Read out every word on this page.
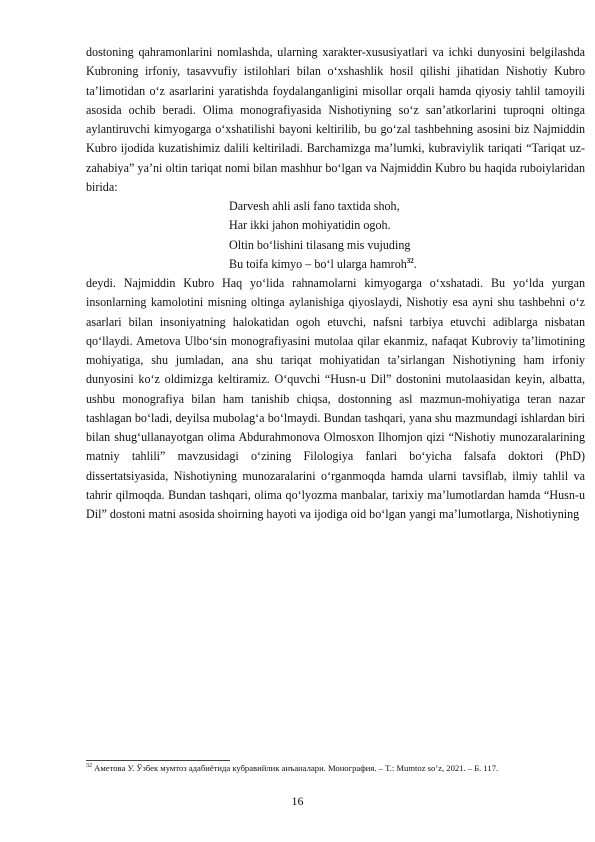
dostoning qahramonlarini nomlashda, ularning xarakter-xususiyatlari va ichki dunyosini belgilashda Kubroning irfoniy, tasavvufiy istilohlari bilan oʻxshashlik hosil qilishi jihatidan Nishotiy Kubro taʼlimotidan oʻz asarlarini yaratishda foydalanganligini misollar orqali hamda qiyosiy tahlil tamoyili asosida ochib beradi. Olima monografiyasida Nishotiyning soʻz sanʼatkorlarini tuproqni oltinga aylantiruvchi kimyogarga oʻxshatilishi bayoni keltirilib, bu goʻzal tashbehning asosini biz Najmiddin Kubro ijodida kuzatishimiz dalili keltiriladi. Barchamizga maʼlumki, kubraviylik tariqati “Tariqat uz-zahabiya” yaʼni oltin tariqat nomi bilan mashhur boʻlgan va Najmiddin Kubro bu haqida ruboiylaridan birida:

Darvesh ahli asli fano taxtida shoh,

Har ikki jahon mohiyatidin ogoh.

Oltin boʻlishini tilasang mis vujuding

Bu toifa kimyo – boʻl ularga hamroh$^{32}$.

deydi. Najmiddin Kubro Haq yoʻlida rahnamolarni kimyogarga oʻxshatadi. Bu yoʻlda yurgan insonlarning kamolotini misning oltinga aylanishiga qiyoslaydi, Nishotiy esa ayni shu tashbehni oʻz asarlari bilan insoniyatning halokatidan ogoh etuvchi, nafsni tarbiya etuvchi adiblarga nisbatan qoʻllaydi. Ametova Ulboʻsin monografiyasini mutolaa qilar ekanmiz, nafaqat Kubroviy taʼlimotining mohiyatiga, shu jumladan, ana shu tariqat mohiyatidan taʼsirlangan Nishotiyning ham irfoniy dunyosini koʻz oldimizga keltiramiz. Oʻquvchi “Husn-u Dil” dostonini mutolaasidan keyin, albatta, ushbu monografiya bilan ham tanishib chiqsa, dostonning asl mazmun-mohiyatiga teran nazar tashlagan boʻladi, deyilsa mubolagʻa boʻlmaydi. Bundan tashqari, yana shu mazmundagi ishlardan biri bilan shugʻullanayotgan olima Abdurahmonova Olmosxon Ilhomjon qizi “Nishotiy munozaralarining matniy tahlili” mavzusidagi oʻzining Filologiya fanlari boʻyicha falsafa doktori (PhD) dissertatsiyasida, Nishotiyning munozaralarini oʻrganmoqda hamda ularni tavsiflab, ilmiy tahlil va tahrir qilmoqda. Bundan tashqari, olima qoʻlyozma manbalar, tarixiy maʼlumotlardan hamda “Husn-u Dil” dostoni matni asosida shoirning hayoti va ijodiga oid boʻlgan yangi maʼlumotlarga, Nishotiyning

$^{32}$ Аметова У. Ўзбек мумтоз адабиётида кубравийлик анъаналари. Монография. – T.: Mumtoz so’z, 2021. – Б. 117.
16
